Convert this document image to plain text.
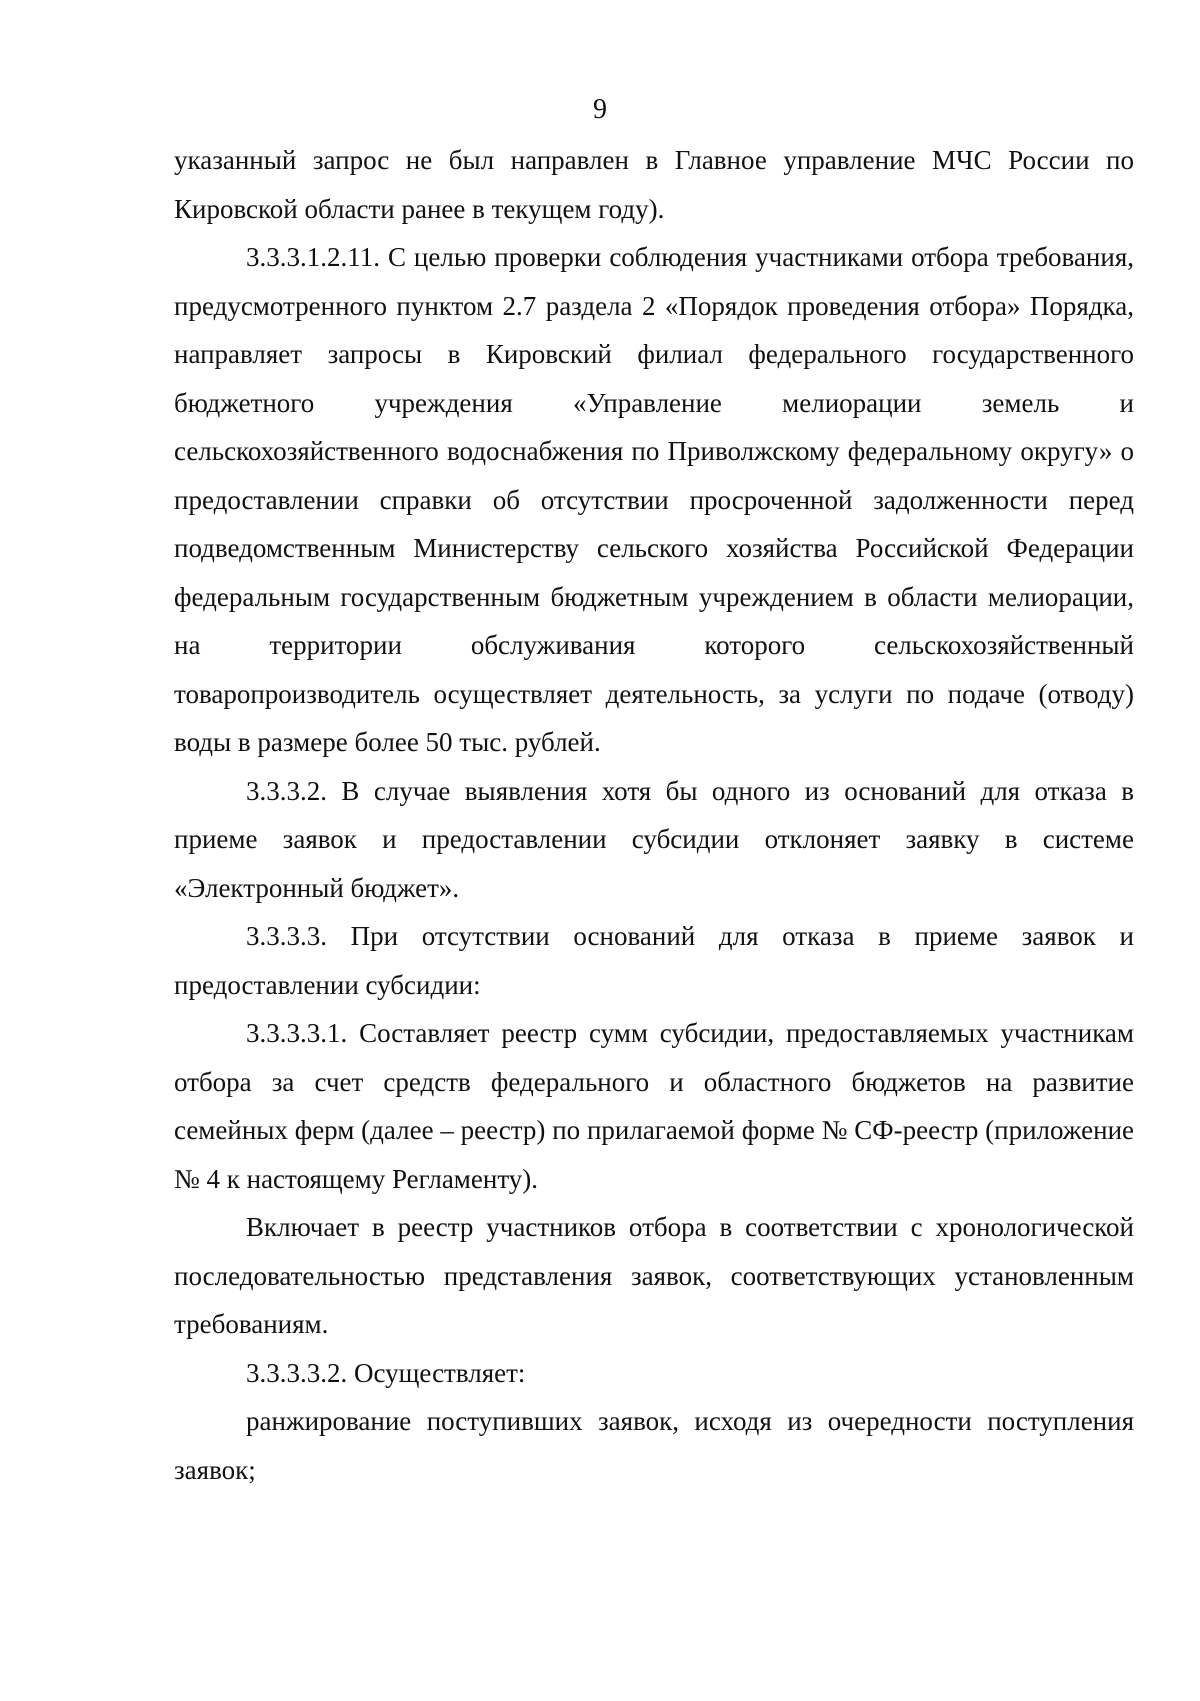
9

указанный запрос не был направлен в Главное управление МЧС России по Кировской области ранее в текущем году).

3.3.3.1.2.11. С целью проверки соблюдения участниками отбора требования, предусмотренного пунктом 2.7 раздела 2 «Порядок проведения отбора» Порядка, направляет запросы в Кировский филиал федерального государственного бюджетного учреждения «Управление мелиорации земель и сельскохозяйственного водоснабжения по Приволжскому федеральному округу» о предоставлении справки об отсутствии просроченной задолженности перед подведомственным Министерству сельского хозяйства Российской Федерации федеральным государственным бюджетным учреждением в области мелиорации, на территории обслуживания которого сельскохозяйственный товаропроизводитель осуществляет деятельность, за услуги по подаче (отводу) воды в размере более 50 тыс. рублей.

3.3.3.2. В случае выявления хотя бы одного из оснований для отказа в приеме заявок и предоставлении субсидии отклоняет заявку в системе «Электронный бюджет».

3.3.3.3. При отсутствии оснований для отказа в приеме заявок и предоставлении субсидии:

3.3.3.3.1. Составляет реестр сумм субсидии, предоставляемых участникам отбора за счет средств федерального и областного бюджетов на развитие семейных ферм (далее – реестр) по прилагаемой форме № СФ-реестр (приложение № 4 к настоящему Регламенту).

Включает в реестр участников отбора в соответствии с хронологической последовательностью представления заявок, соответствующих установленным требованиям.

3.3.3.3.2. Осуществляет:

ранжирование поступивших заявок, исходя из очередности поступления заявок;
